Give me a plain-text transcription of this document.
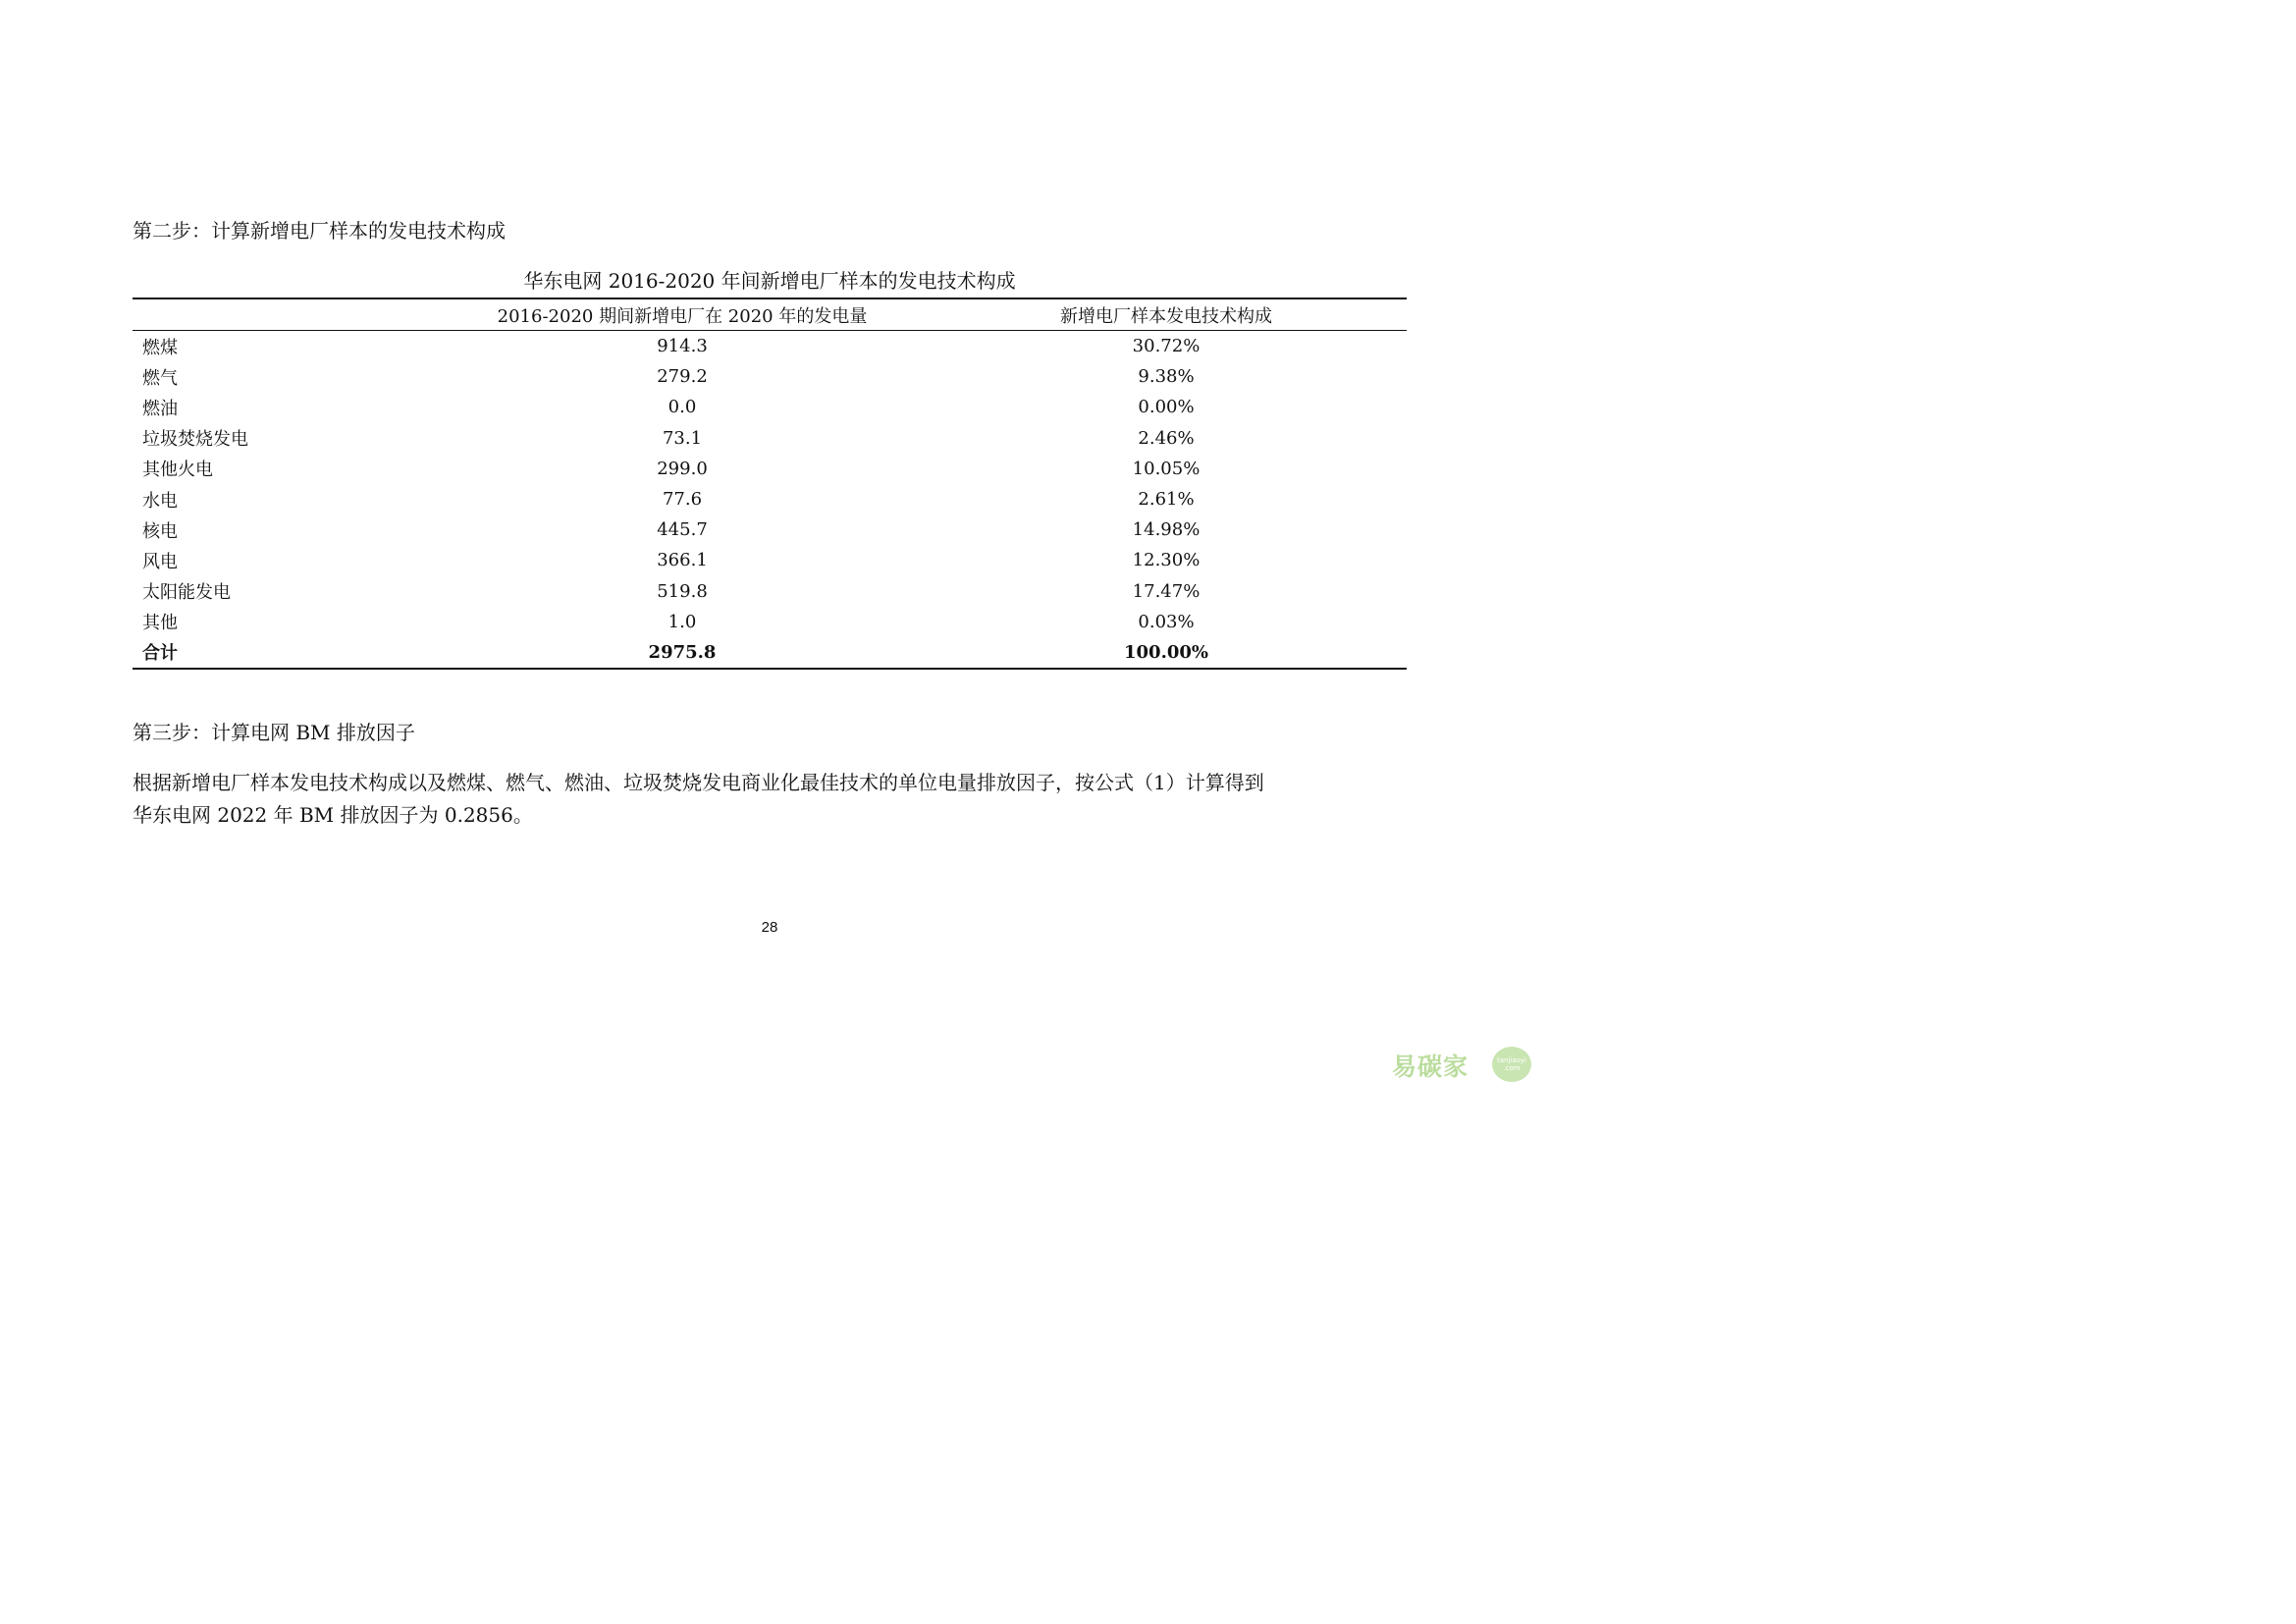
第二步：计算新增电厂样本的发电技术构成
华东电网 2016-2020 年间新增电厂样本的发电技术构成
	2016-2020 期间新增电厂在 2020 年的发电量	新增电厂样本发电技术构成
燃煤	914.3	30.72%
燃气	279.2	9.38%
燃油	0.0	0.00%
垃圾焚烧发电	73.1	2.46%
其他火电	299.0	10.05%
水电	77.6	2.61%
核电	445.7	14.98%
风电	366.1	12.30%
太阳能发电	519.8	17.47%
其他	1.0	0.03%
合计	2975.8	100.00%
第三步：计算电网 BM 排放因子
根据新增电厂样本发电技术构成以及燃煤、燃气、燃油、垃圾焚烧发电商业化最佳技术的单位电量排放因子，按公式（1）计算得到
华东电网 2022 年 BM 排放因子为 0.2856。
28
易碳家	tanjiaoyi
.com
